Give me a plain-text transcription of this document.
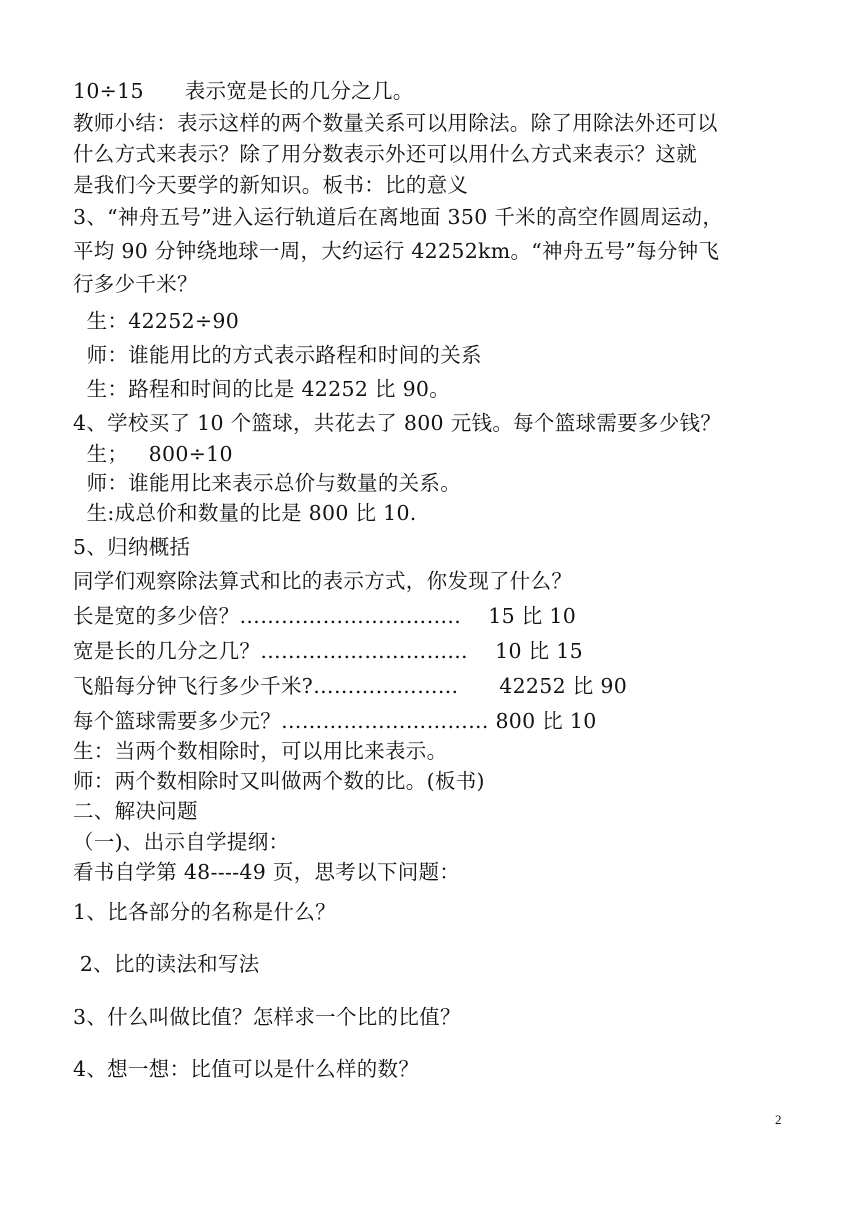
10÷15      表示宽是长的几分之几。
教师小结：表示这样的两个数量关系可以用除法。除了用除法外还可以
什么方式来表示？除了用分数表示外还可以用什么方式来表示？这就
是我们今天要学的新知识。板书：比的意义
3、“神舟五号”进入运行轨道后在离地面 350 千米的高空作圆周运动，
平均 90 分钟绕地球一周，大约运行 42252km。“神舟五号”每分钟飞
行多少千米？
生：42252÷90
师：谁能用比的方式表示路程和时间的关系
生：路程和时间的比是 42252 比 90。
4、学校买了 10 个篮球，共花去了 800 元钱。每个篮球需要多少钱？
生；   800÷10
师：谁能用比来表示总价与数量的关系。
生:成总价和数量的比是 800 比 10.
5、归纳概括
同学们观察除法算式和比的表示方式，你发现了什么？
长是宽的多少倍？…………………………..    15 比 10
宽是长的几分之几？………………………...    10 比 15
飞船每分钟飞行多少千米?………………...      42252 比 90
每个篮球需要多少元？………………………... 800 比 10
生：当两个数相除时，可以用比来表示。
师：两个数相除时又叫做两个数的比。(板书)
二、解决问题
（一)、出示自学提纲：
看书自学第 48----49 页，思考以下问题：
1、比各部分的名称是什么？
2、比的读法和写法
3、什么叫做比值？怎样求一个比的比值？
4、想一想：比值可以是什么样的数？
2
